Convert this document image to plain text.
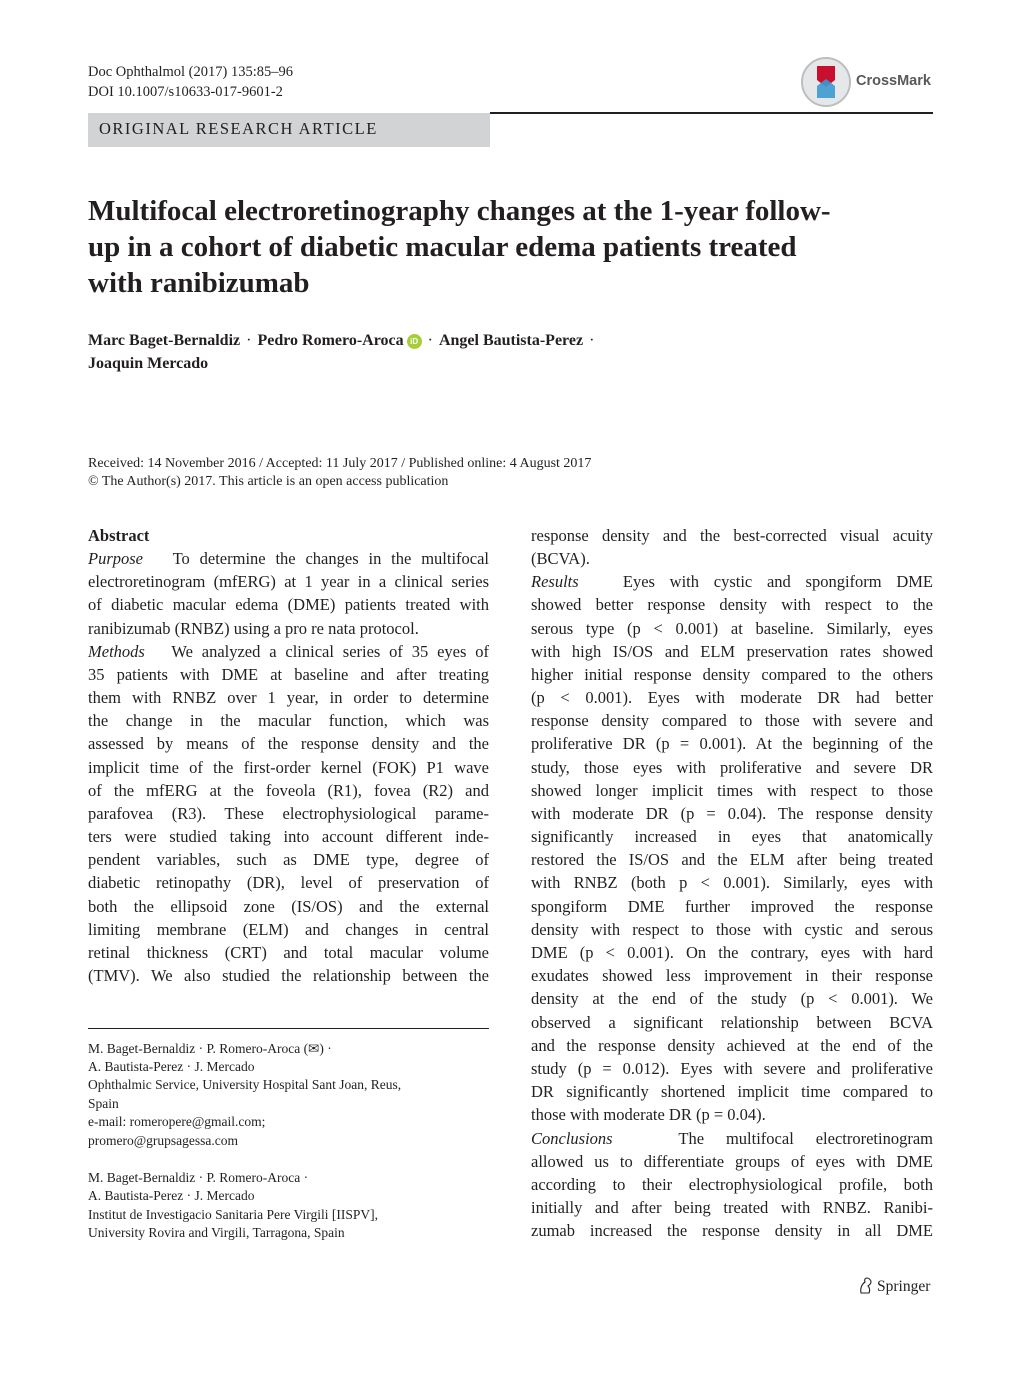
Doc Ophthalmol (2017) 135:85–96
DOI 10.1007/s10633-017-9601-2
CrossMark
ORIGINAL RESEARCH ARTICLE
Multifocal electroretinography changes at the 1-year follow-
up in a cohort of diabetic macular edema patients treated
with ranibizumab
Marc Baget-Bernaldiz · Pedro Romero-Aroca iD · Angel Bautista-Perez ·
Joaquin Mercado
Received: 14 November 2016 / Accepted: 11 July 2017 / Published online: 4 August 2017
© The Author(s) 2017. This article is an open access publication
Abstract
Purpose To determine the changes in the multifocal
electroretinogram (mfERG) at 1 year in a clinical series
of diabetic macular edema (DME) patients treated with
ranibizumab (RNBZ) using a pro re nata protocol.
Methods We analyzed a clinical series of 35 eyes of
35 patients with DME at baseline and after treating
them with RNBZ over 1 year, in order to determine
the change in the macular function, which was
assessed by means of the response density and the
implicit time of the first-order kernel (FOK) P1 wave
of the mfERG at the foveola (R1), fovea (R2) and
parafovea (R3). These electrophysiological parame-
ters were studied taking into account different inde-
pendent variables, such as DME type, degree of
diabetic retinopathy (DR), level of preservation of
both the ellipsoid zone (IS/OS) and the external
limiting membrane (ELM) and changes in central
retinal thickness (CRT) and total macular volume
(TMV). We also studied the relationship between the
M. Baget-Bernaldiz · P. Romero-Aroca (✉) ·
A. Bautista-Perez · J. Mercado
Ophthalmic Service, University Hospital Sant Joan, Reus,
Spain
e-mail: romeropere@gmail.com;
promero@grupsagessa.com
M. Baget-Bernaldiz · P. Romero-Aroca ·
A. Bautista-Perez · J. Mercado
Institut de Investigacio Sanitaria Pere Virgili [IISPV],
University Rovira and Virgili, Tarragona, Spain
response density and the best-corrected visual acuity
(BCVA).
Results	Eyes with cystic and spongiform DME
showed better response density with respect to the
serous type (p < 0.001) at baseline. Similarly, eyes
with high IS/OS and ELM preservation rates showed
higher initial response density compared to the others
(p < 0.001). Eyes with moderate DR had better
response density compared to those with severe and
proliferative DR (p = 0.001). At the beginning of the
study, those eyes with proliferative and severe DR
showed longer implicit times with respect to those
with moderate DR (p = 0.04). The response density
significantly increased in eyes that anatomically
restored the IS/OS and the ELM after being treated
with RNBZ (both p < 0.001). Similarly, eyes with
spongiform DME further improved the response
density with respect to those with cystic and serous
DME (p < 0.001). On the contrary, eyes with hard
exudates showed less improvement in their response
density at the end of the study (p < 0.001). We
observed a significant relationship between BCVA
and the response density achieved at the end of the
study (p = 0.012). Eyes with severe and proliferative
DR significantly shortened implicit time compared to
those with moderate DR (p = 0.04).
Conclusions	The multifocal electroretinogram
allowed us to differentiate groups of eyes with DME
according to their electrophysiological profile, both
initially and after being treated with RNBZ. Ranibi-
zumab increased the response density in all DME
Springer
